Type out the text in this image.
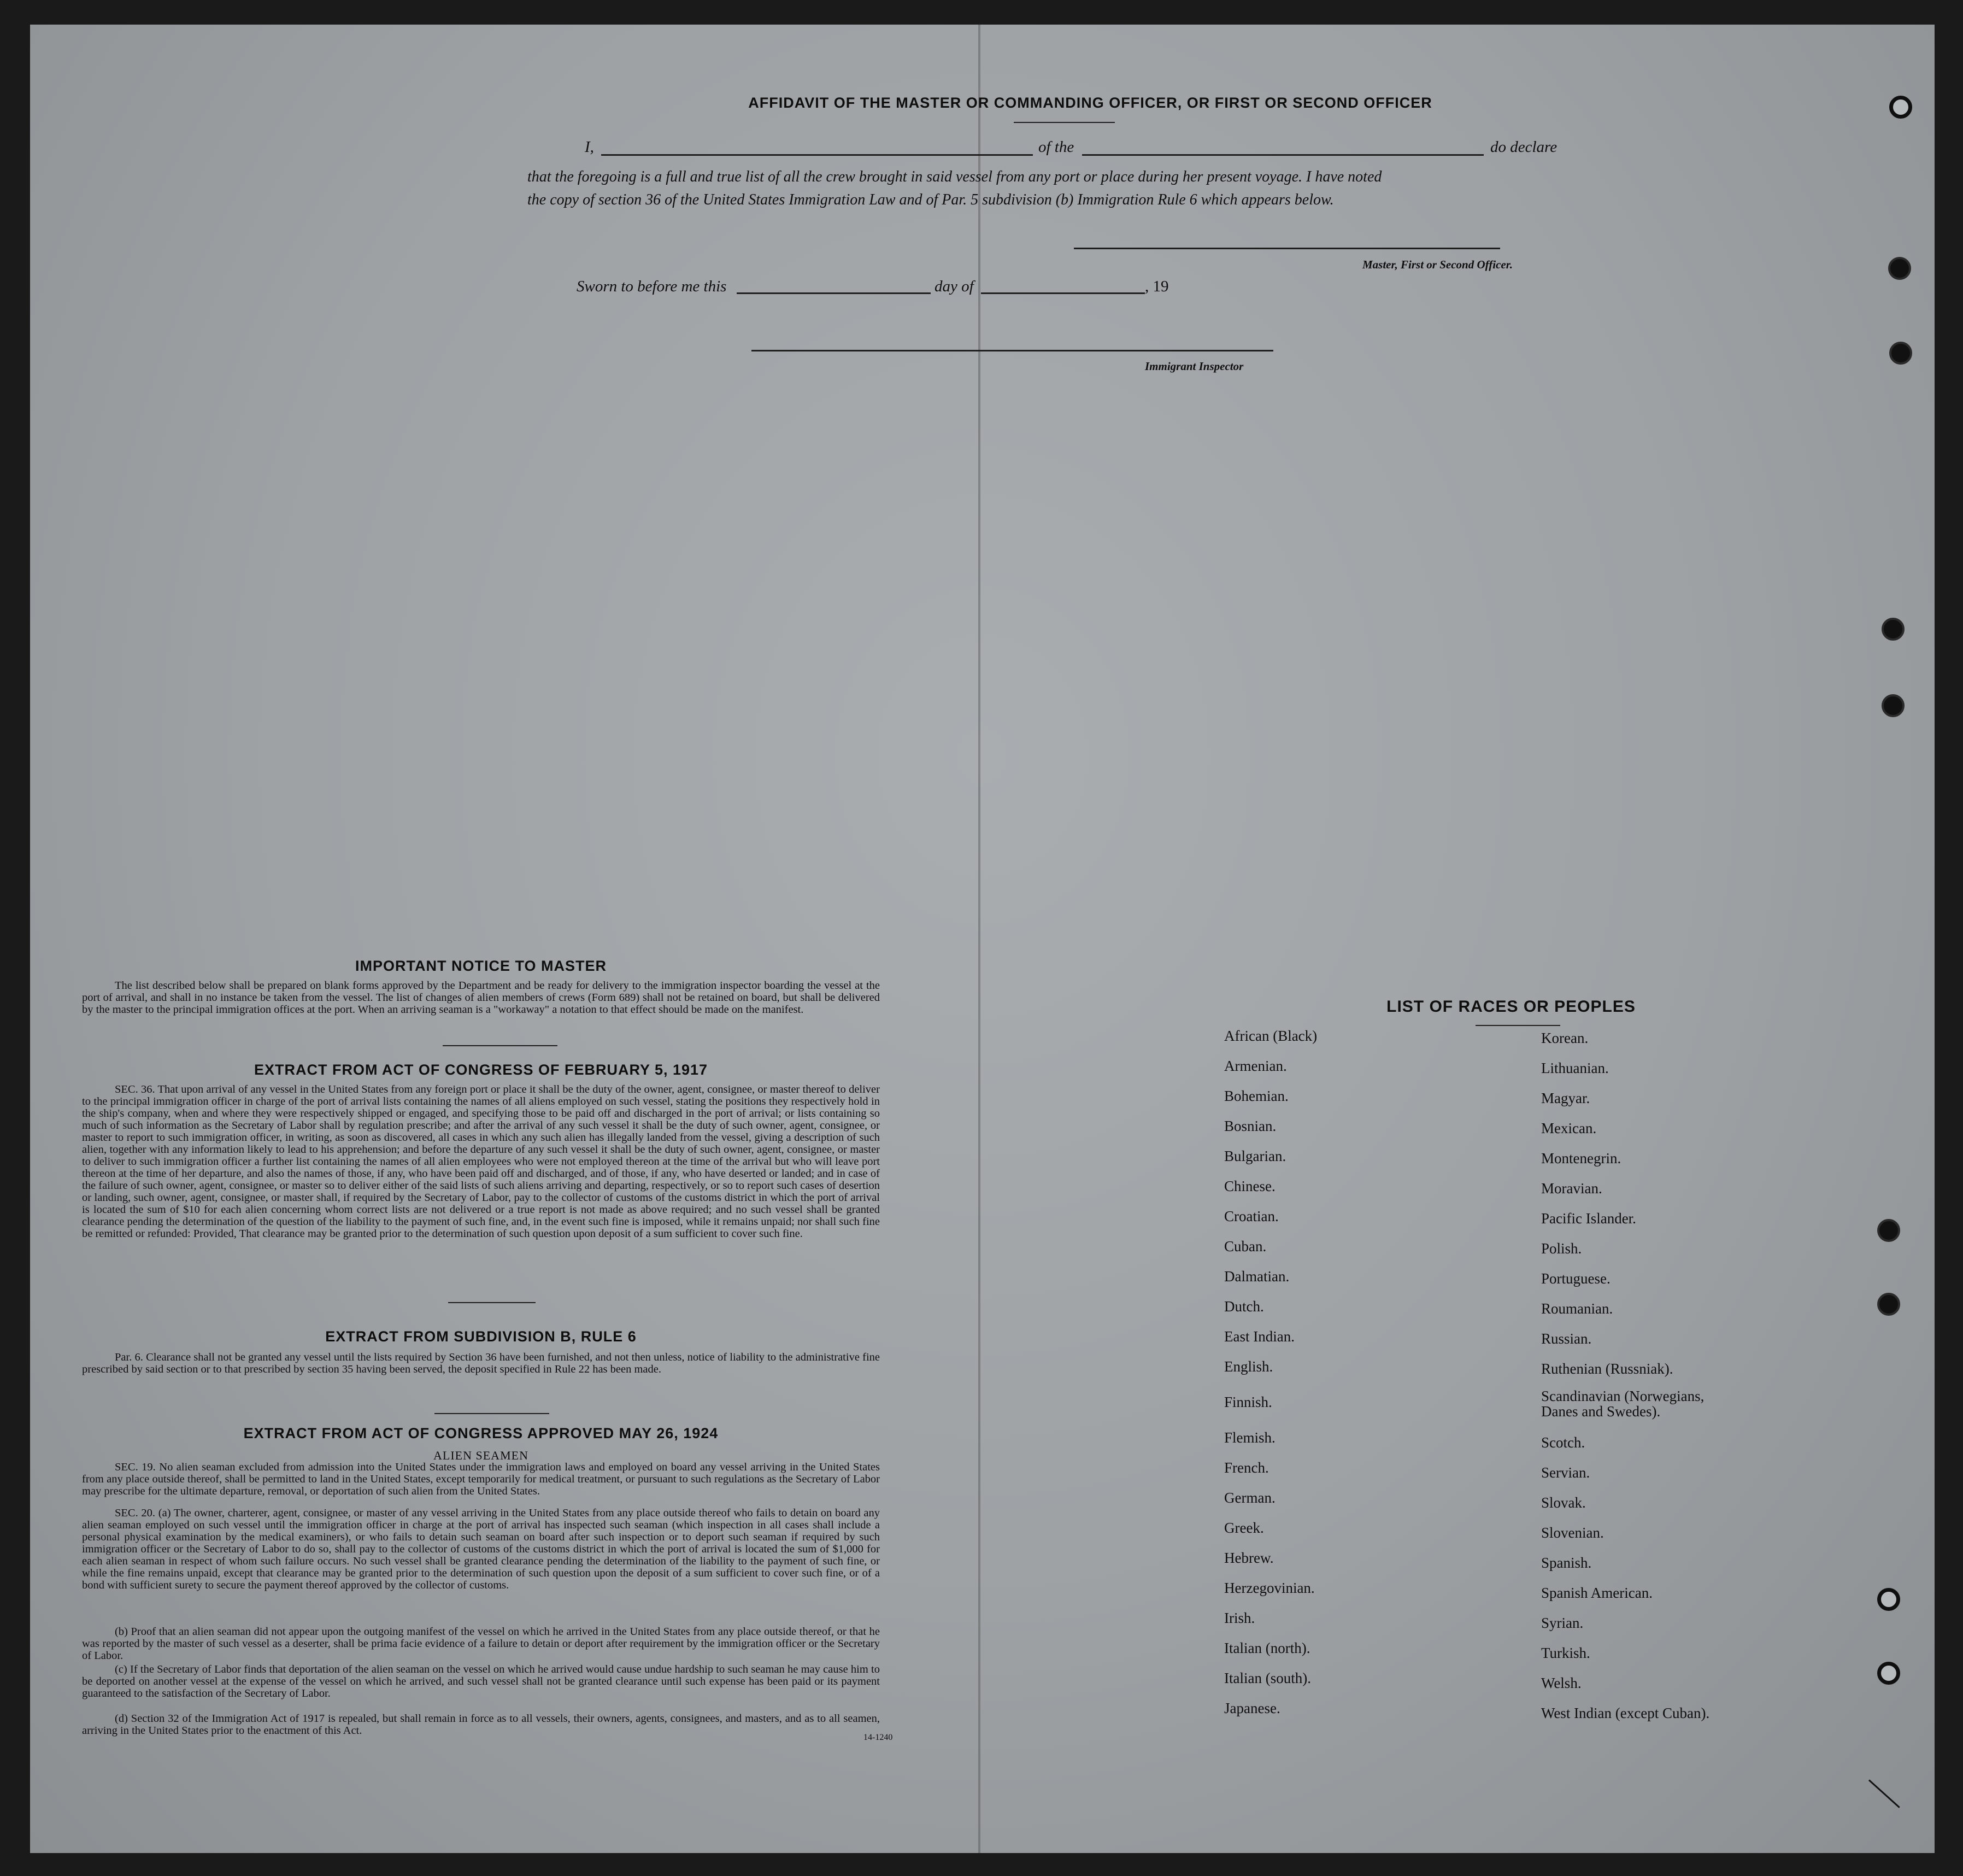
AFFIDAVIT OF THE MASTER OR COMMANDING OFFICER, OR FIRST OR SECOND OFFICER
I,	of the	do declare
that the foregoing is a full and true list of all the crew brought in said vessel from any port or place during her present voyage. I have noted
the copy of section 36 of the United States Immigration Law and of Par. 5 subdivision (b) Immigration Rule 6 which appears below.
Master, First or Second Officer.
Sworn to before me this	day of	, 19
Immigrant Inspector
IMPORTANT NOTICE TO MASTER
The list described below shall be prepared on blank forms approved by the Department and be ready for delivery to the immigration inspector boarding the vessel at the port of arrival, and shall in no instance be taken from the vessel. The list of changes of alien members of crews (Form 689) shall not be retained on board, but shall be delivered by the master to the principal immigration offices at the port. When an arriving seaman is a "workaway" a notation to that effect should be made on the manifest.
EXTRACT FROM ACT OF CONGRESS OF FEBRUARY 5, 1917
SEC. 36. That upon arrival of any vessel in the United States from any foreign port or place it shall be the duty of the owner, agent, consignee, or master thereof to deliver to the principal immigration officer in charge of the port of arrival lists containing the names of all aliens employed on such vessel, stating the positions they respectively hold in the ship's company, when and where they were respectively shipped or engaged, and specifying those to be paid off and discharged in the port of arrival; or lists containing so much of such information as the Secretary of Labor shall by regulation prescribe; and after the arrival of any such vessel it shall be the duty of such owner, agent, consignee, or master to report to such immigration officer, in writing, as soon as discovered, all cases in which any such alien has illegally landed from the vessel, giving a description of such alien, together with any information likely to lead to his apprehension; and before the departure of any such vessel it shall be the duty of such owner, agent, consignee, or master to deliver to such immigration officer a further list containing the names of all alien employees who were not employed thereon at the time of the arrival but who will leave port thereon at the time of her departure, and also the names of those, if any, who have been paid off and discharged, and of those, if any, who have deserted or landed; and in case of the failure of such owner, agent, consignee, or master so to deliver either of the said lists of such aliens arriving and departing, respectively, or so to report such cases of desertion or landing, such owner, agent, consignee, or master shall, if required by the Secretary of Labor, pay to the collector of customs of the customs district in which the port of arrival is located the sum of $10 for each alien concerning whom correct lists are not delivered or a true report is not made as above required; and no such vessel shall be granted clearance pending the determination of the question of the liability to the payment of such fine, and, in the event such fine is imposed, while it remains unpaid; nor shall such fine be remitted or refunded: Provided, That clearance may be granted prior to the determination of such question upon deposit of a sum sufficient to cover such fine.
EXTRACT FROM SUBDIVISION B, RULE 6
Par. 6. Clearance shall not be granted any vessel until the lists required by Section 36 have been furnished, and not then unless, notice of liability to the administrative fine prescribed by said section or to that prescribed by section 35 having been served, the deposit specified in Rule 22 has been made.
EXTRACT FROM ACT OF CONGRESS APPROVED MAY 26, 1924
ALIEN SEAMEN
SEC. 19. No alien seaman excluded from admission into the United States under the immigration laws and employed on board any vessel arriving in the United States from any place outside thereof, shall be permitted to land in the United States, except temporarily for medical treatment, or pursuant to such regulations as the Secretary of Labor may prescribe for the ultimate departure, removal, or deportation of such alien from the United States.
SEC. 20. (a) The owner, charterer, agent, consignee, or master of any vessel arriving in the United States from any place outside thereof who fails to detain on board any alien seaman employed on such vessel until the immigration officer in charge at the port of arrival has inspected such seaman (which inspection in all cases shall include a personal physical examination by the medical examiners), or who fails to detain such seaman on board after such inspection or to deport such seaman if required by such immigration officer or the Secretary of Labor to do so, shall pay to the collector of customs of the customs district in which the port of arrival is located the sum of $1,000 for each alien seaman in respect of whom such failure occurs. No such vessel shall be granted clearance pending the determination of the liability to the payment of such fine, or while the fine remains unpaid, except that clearance may be granted prior to the determination of such question upon the deposit of a sum sufficient to cover such fine, or of a bond with sufficient surety to secure the payment thereof approved by the collector of customs.
(b) Proof that an alien seaman did not appear upon the outgoing manifest of the vessel on which he arrived in the United States from any place outside thereof, or that he was reported by the master of such vessel as a deserter, shall be prima facie evidence of a failure to detain or deport after requirement by the immigration officer or the Secretary of Labor.
(c) If the Secretary of Labor finds that deportation of the alien seaman on the vessel on which he arrived would cause undue hardship to such seaman he may cause him to be deported on another vessel at the expense of the vessel on which he arrived, and such vessel shall not be granted clearance until such expense has been paid or its payment guaranteed to the satisfaction of the Secretary of Labor.
(d) Section 32 of the Immigration Act of 1917 is repealed, but shall remain in force as to all vessels, their owners, agents, consignees, and masters, and as to all seamen, arriving in the United States prior to the enactment of this Act.
14-1240
LIST OF RACES OR PEOPLES
African (Black)
Armenian.
Bohemian.
Bosnian.
Bulgarian.
Chinese.
Croatian.
Cuban.
Dalmatian.
Dutch.
East Indian.
English.
Finnish.
Flemish.
French.
German.
Greek.
Hebrew.
Herzegovinian.
Irish.
Italian (north).
Italian (south).
Japanese.
Korean.
Lithuanian.
Magyar.
Mexican.
Montenegrin.
Moravian.
Pacific Islander.
Polish.
Portuguese.
Roumanian.
Russian.
Ruthenian (Russniak).
Scandinavian (Norwegians,
Danes and Swedes).
Scotch.
Servian.
Slovak.
Slovenian.
Spanish.
Spanish American.
Syrian.
Turkish.
Welsh.
West Indian (except Cuban).
